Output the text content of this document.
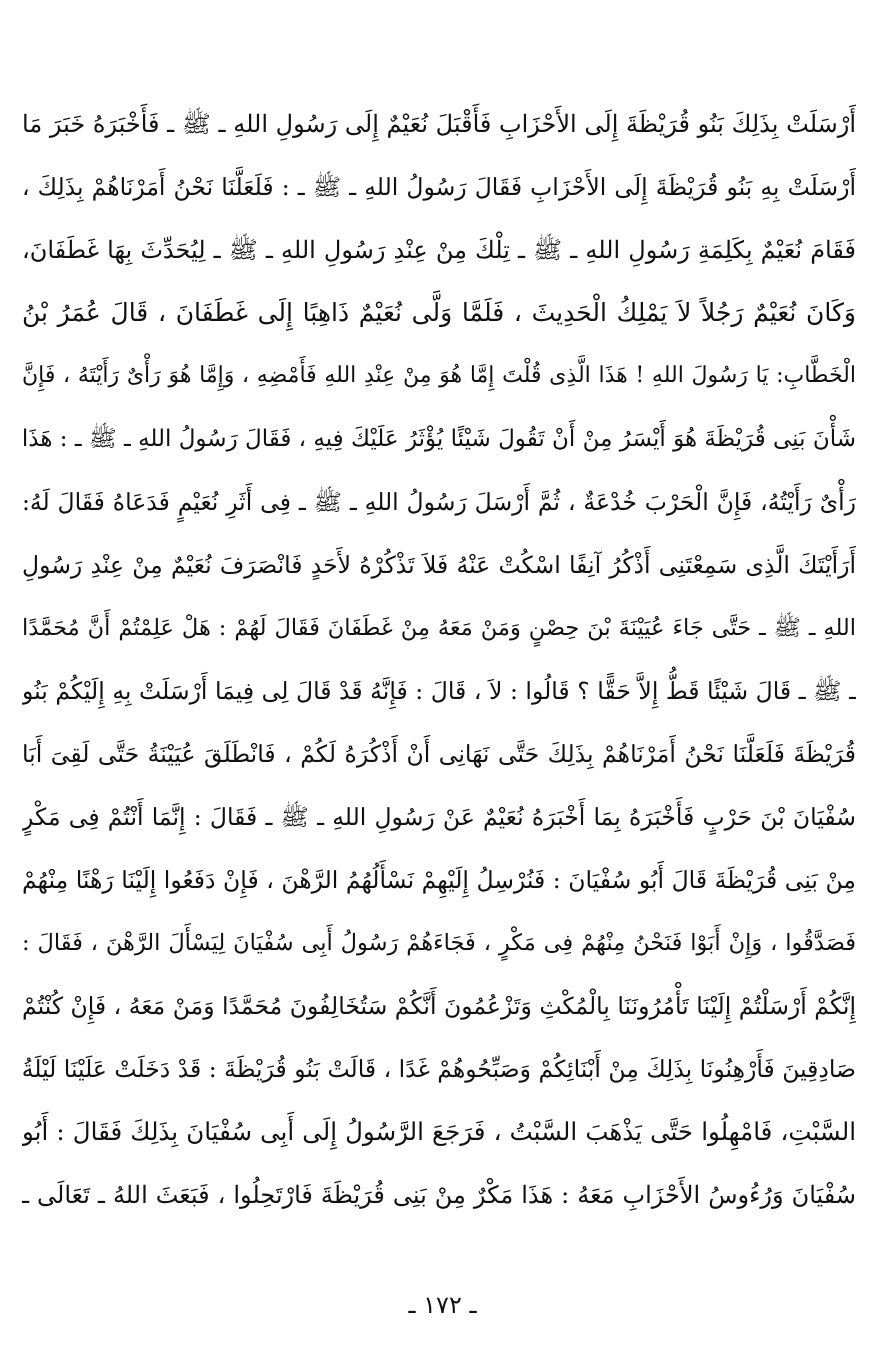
أَرْسَلَتْ بِذَلِكَ بَنُو قُرَيْظَةَ إِلَى الأَحْزَابِ فَأَقْبَلَ نُعَيْمٌ إِلَى رَسُولِ اللهِ ـ ﷺ ـ فَأَخْبَرَهُ خَبَرَ مَا
أَرْسَلَتْ بِهِ بَنُو قُرَيْظَةَ إِلَى الأَحْزَابِ فَقَالَ رَسُولُ اللهِ ـ ﷺ ـ : فَلَعَلَّنَا نَحْنُ أَمَرْنَاهُمْ بِذَلِكَ ،
فَقَامَ نُعَيْمٌ بِكَلِمَةِ رَسُولِ اللهِ ـ ﷺ ـ تِلْكَ مِنْ عِنْدِ رَسُولِ اللهِ ـ ﷺ ـ لِيُحَدِّثَ بِهَا غَطَفَانَ،
وَكَانَ نُعَيْمٌ رَجُلاً لاَ يَمْلِكُ الْحَدِيثَ ، فَلَمَّا وَلَّى نُعَيْمٌ ذَاهِبًا إِلَى غَطَفَانَ ، قَالَ عُمَرُ بْنُ
الْخَطَّابِ: يَا رَسُولَ اللهِ ! هَذَا الَّذِى قُلْتَ إِمَّا هُوَ مِنْ عِنْدِ اللهِ فَأَمْضِهِ ، وَإِمَّا هُوَ رَأْىٌ رَأَيْتَهُ ، فَإِنَّ
شَأْنَ بَنِى قُرَيْظَةَ هُوَ أَيْسَرُ مِنْ أَنْ تَقُولَ شَيْئًا يُؤْثَرُ عَلَيْكَ فِيهِ ، فَقَالَ رَسُولُ اللهِ ـ ﷺ ـ : هَذَا
رَأْىٌ رَأَيْتُهُ، فَإِنَّ الْحَرْبَ خُدْعَةٌ ، ثُمَّ أَرْسَلَ رَسُولُ اللهِ ـ ﷺ ـ فِى أَثَرِ نُعَيْمٍ فَدَعَاهُ فَقَالَ لَهُ:
أَرَأَيْتَكَ الَّذِى سَمِعْتَنِى أَذْكُرُ آنِفًا اسْكُتْ عَنْهُ فَلاَ تَذْكُرْهُ لأَحَدٍ فَانْصَرَفَ نُعَيْمٌ مِنْ عِنْدِ رَسُولِ
اللهِ ـ ﷺ ـ حَتَّى جَاءَ عُيَيْنَةَ بْنَ حِصْنٍ وَمَنْ مَعَهُ مِنْ غَطَفَانَ فَقَالَ لَهُمْ : هَلْ عَلِمْتُمْ أَنَّ مُحَمَّدًا
ـ ﷺ ـ قَالَ شَيْئًا قَطُّ إِلاَّ حَقًّا ؟ قَالُوا : لاَ ، قَالَ : فَإِنَّهُ قَدْ قَالَ لِى فِيمَا أَرْسَلَتْ بِهِ إِلَيْكُمْ بَنُو
قُرَيْظَةَ فَلَعَلَّنَا نَحْنُ أَمَرْنَاهُمْ بِذَلِكَ حَتَّى نَهَانِى أَنْ أَذْكُرَهُ لَكُمْ ، فَانْطَلَقَ عُيَيْنَةُ حَتَّى لَقِىَ أَبَا
سُفْيَانَ بْنَ حَرْبٍ فَأَخْبَرَهُ بِمَا أَخْبَرَهُ نُعَيْمٌ عَنْ رَسُولِ اللهِ ـ ﷺ ـ فَقَالَ : إِنَّمَا أَنْتُمْ فِى مَكْرٍ
مِنْ بَنِى قُرَيْظَةَ قَالَ أَبُو سُفْيَانَ : فَنُرْسِلُ إِلَيْهِمْ نَسْأَلُهُمُ الرَّهْنَ ، فَإِنْ دَفَعُوا إِلَيْنَا رَهْنًا مِنْهُمْ
فَصَدَّقُوا ، وَإِنْ أَبَوْا فَنَحْنُ مِنْهُمْ فِى مَكْرٍ ، فَجَاءَهُمْ رَسُولُ أَبِى سُفْيَانَ لِيَسْأَلَ الرَّهْنَ ، فَقَالَ :
إِنَّكُمْ أَرْسَلْتُمْ إِلَيْنَا تَأْمُرُونَنَا بِالْمُكْثِ وَتَزْعُمُونَ أَنَّكُمْ سَتُخَالِفُونَ مُحَمَّدًا وَمَنْ مَعَهُ ، فَإِنْ كُنْتُمْ
صَادِقِينَ فَأَرْهِنُونَا بِذَلِكَ مِنْ أَبْنَائِكُمْ وَصَبِّحُوهُمْ غَدًا ، قَالَتْ بَنُو قُرَيْظَةَ : قَدْ دَخَلَتْ عَلَيْنَا لَيْلَةُ
السَّبْتِ، فَامْهِلُوا حَتَّى يَذْهَبَ السَّبْتُ ، فَرَجَعَ الرَّسُولُ إِلَى أَبِى سُفْيَانَ بِذَلِكَ فَقَالَ : أَبُو
سُفْيَانَ وَرُءُوسُ الأَحْزَابِ مَعَهُ : هَذَا مَكْرٌ مِنْ بَنِى قُرَيْظَةَ فَارْتَحِلُوا ، فَبَعَثَ اللهُ ـ تَعَالَى ـ
ـ ١٧٢ ـ
